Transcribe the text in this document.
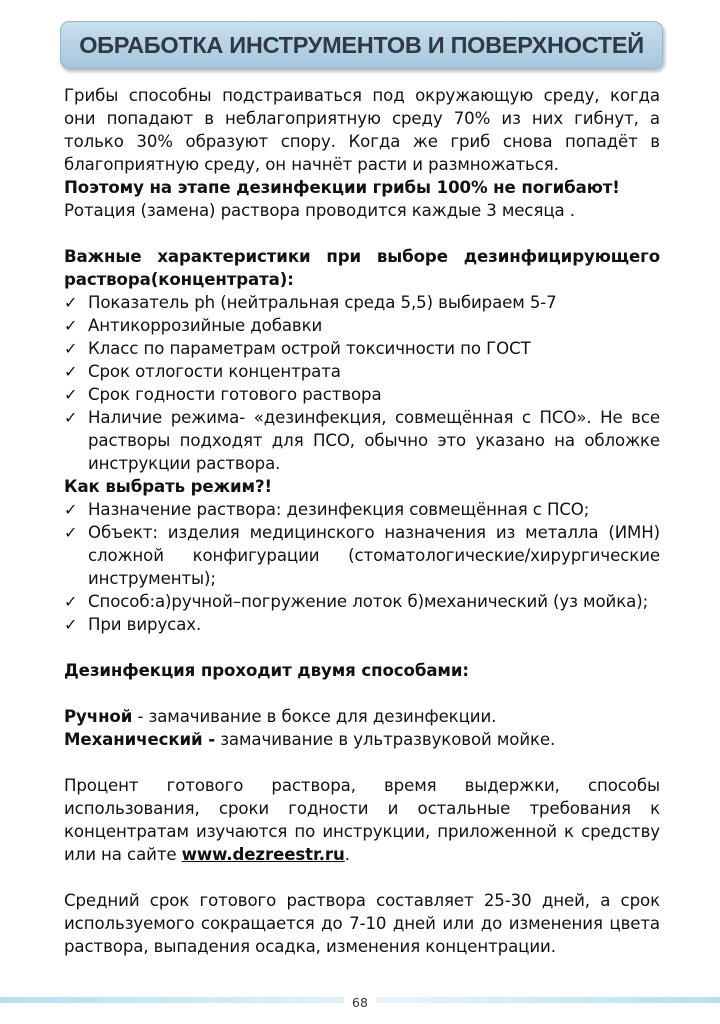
ОБРАБОТКА ИНСТРУМЕНТОВ И ПОВЕРХНОСТЕЙ

Грибы способны подстраиваться под окружающую среду, когда они попадают в неблагоприятную среду 70% из них гибнут, а только 30% образуют спору. Когда же гриб снова попадёт в благоприятную среду, он начнёт расти и размножаться.

Поэтому на этапе дезинфекции грибы 100% не погибают!

Ротация (замена) раствора проводится каждые 3 месяца .

Важные характеристики при выборе дезинфицирующего раствора(концентрата):

✓ Показатель ph (нейтральная среда 5,5) выбираем 5-7
✓ Антикоррозийные добавки
✓ Класс по параметрам острой токсичности по ГОСТ
✓ Срок отлогости концентрата
✓ Срок годности готового раствора
✓ Наличие режима- «дезинфекция, совмещённая с ПСО». Не все растворы подходят для ПСО, обычно это указано на обложке инструкции раствора.

Как выбрать режим?!

✓ Назначение раствора: дезинфекция совмещённая с ПСО;
✓ Объект: изделия медицинского назначения из металла (ИМН) сложной конфигурации (стоматологические/хирургические инструменты);
✓ Способ:а)ручной–погружение лоток б)механический (уз мойка);
✓ При вирусах.

Дезинфекция проходит двумя способами:

Ручной - замачивание в боксе для дезинфекции.

Механический - замачивание в ультразвуковой мойке.

Процент готового раствора, время выдержки, способы использования, сроки годности и остальные требования к концентратам изучаются по инструкции, приложенной к средству или на сайте www.dezreestr.ru.

Средний срок готового раствора составляет 25-30 дней, а срок используемого сокращается до 7-10 дней или до изменения цвета раствора, выпадения осадка, изменения концентрации.

68
